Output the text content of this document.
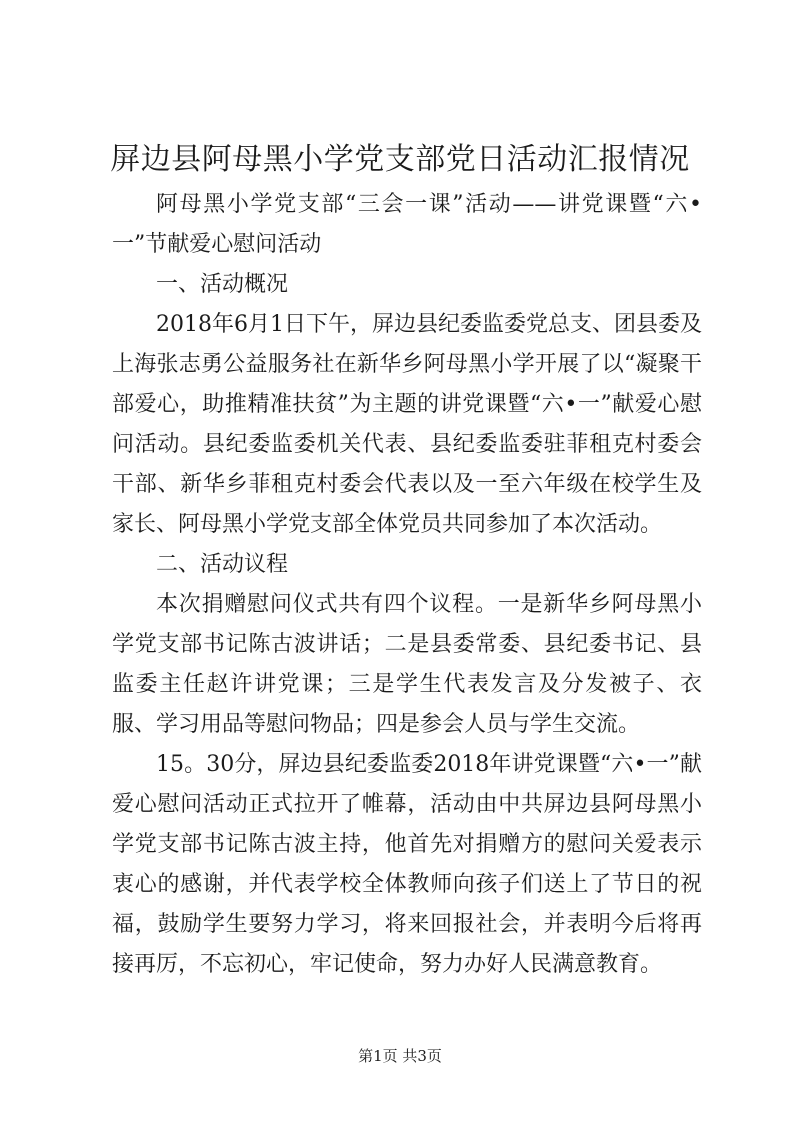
屏边县阿母黑小学党支部党日活动汇报情况

阿母黑小学党支部“三会一课”活动——讲党课暨“六•一”节献爱心慰问活动

一、活动概况

2018年6月1日下午，屏边县纪委监委党总支、团县委及上海张志勇公益服务社在新华乡阿母黑小学开展了以“凝聚干部爱心，助推精准扶贫”为主题的讲党课暨“六•一”献爱心慰问活动。县纪委监委机关代表、县纪委监委驻菲租克村委会干部、新华乡菲租克村委会代表以及一至六年级在校学生及家长、阿母黑小学党支部全体党员共同参加了本次活动。

二、活动议程

本次捐赠慰问仪式共有四个议程。一是新华乡阿母黑小学党支部书记陈古波讲话；二是县委常委、县纪委书记、县监委主任赵许讲党课；三是学生代表发言及分发被子、衣服、学习用品等慰问物品；四是参会人员与学生交流。

15。30分，屏边县纪委监委2018年讲党课暨“六•一”献爱心慰问活动正式拉开了帷幕，活动由中共屏边县阿母黑小学党支部书记陈古波主持，他首先对捐赠方的慰问关爱表示衷心的感谢，并代表学校全体教师向孩子们送上了节日的祝福，鼓励学生要努力学习，将来回报社会，并表明今后将再接再厉，不忘初心，牢记使命，努力办好人民满意教育。

第1页 共3页
